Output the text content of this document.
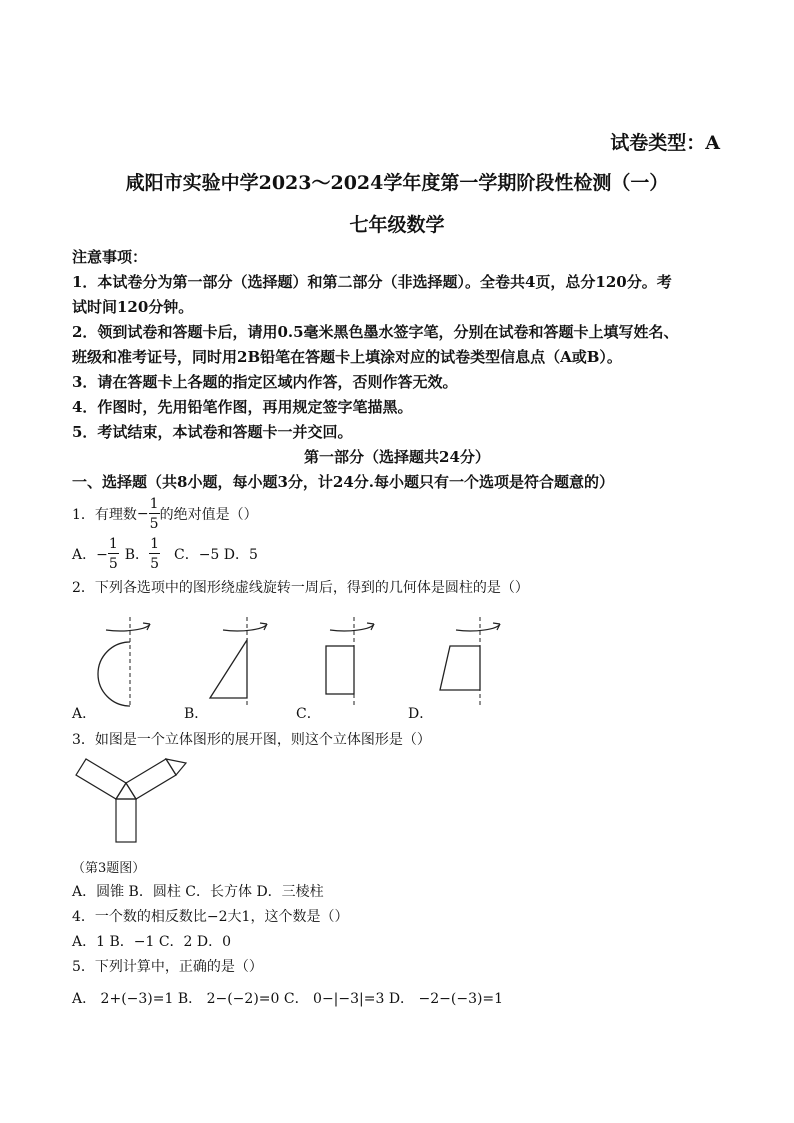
试卷类型：A
咸阳市实验中学2023～2024学年度第一学期阶段性检测（一）
七年级数学
注意事项：
1．本试卷分为第一部分（选择题）和第二部分（非选择题）。全卷共4页，总分120分。考
试时间120分钟。
2．领到试卷和答题卡后，请用0.5毫米黑色墨水签字笔，分别在试卷和答题卡上填写姓名、
班级和准考证号，同时用2B铅笔在答题卡上填涂对应的试卷类型信息点（A或B）。
3．请在答题卡上各题的指定区域内作答，否则作答无效。
4．作图时，先用铅笔作图，再用规定签字笔描黑。
5．考试结束，本试卷和答题卡一并交回。
第一部分（选择题共24分）
一、选择题（共8小题，每小题3分，计24分.每小题只有一个选项是符合题意的）
1．有理数 − $\frac{1}{5}$ 的绝对值是（）
A．− $\frac{1}{5}$ B． $\frac{1}{5}$ C．−5 D．5
2．下列各选项中的图形绕虚线旋转一周后，得到的几何体是圆柱的是（）
A．	B．	C．	D．
3．如图是一个立体图形的展开图，则这个立体图形是（）
（第3题图）
A．圆锥 B．圆柱 C．长方体 D．三棱柱
4．一个数的相反数比−2大1，这个数是（）
A．1 B．−1 C．2 D．0
5．下列计算中，正确的是（）
A． 2+(−3)=1 B． 2−(−2)=0 C． 0−|−3|=3 D． −2−(−3)=1
